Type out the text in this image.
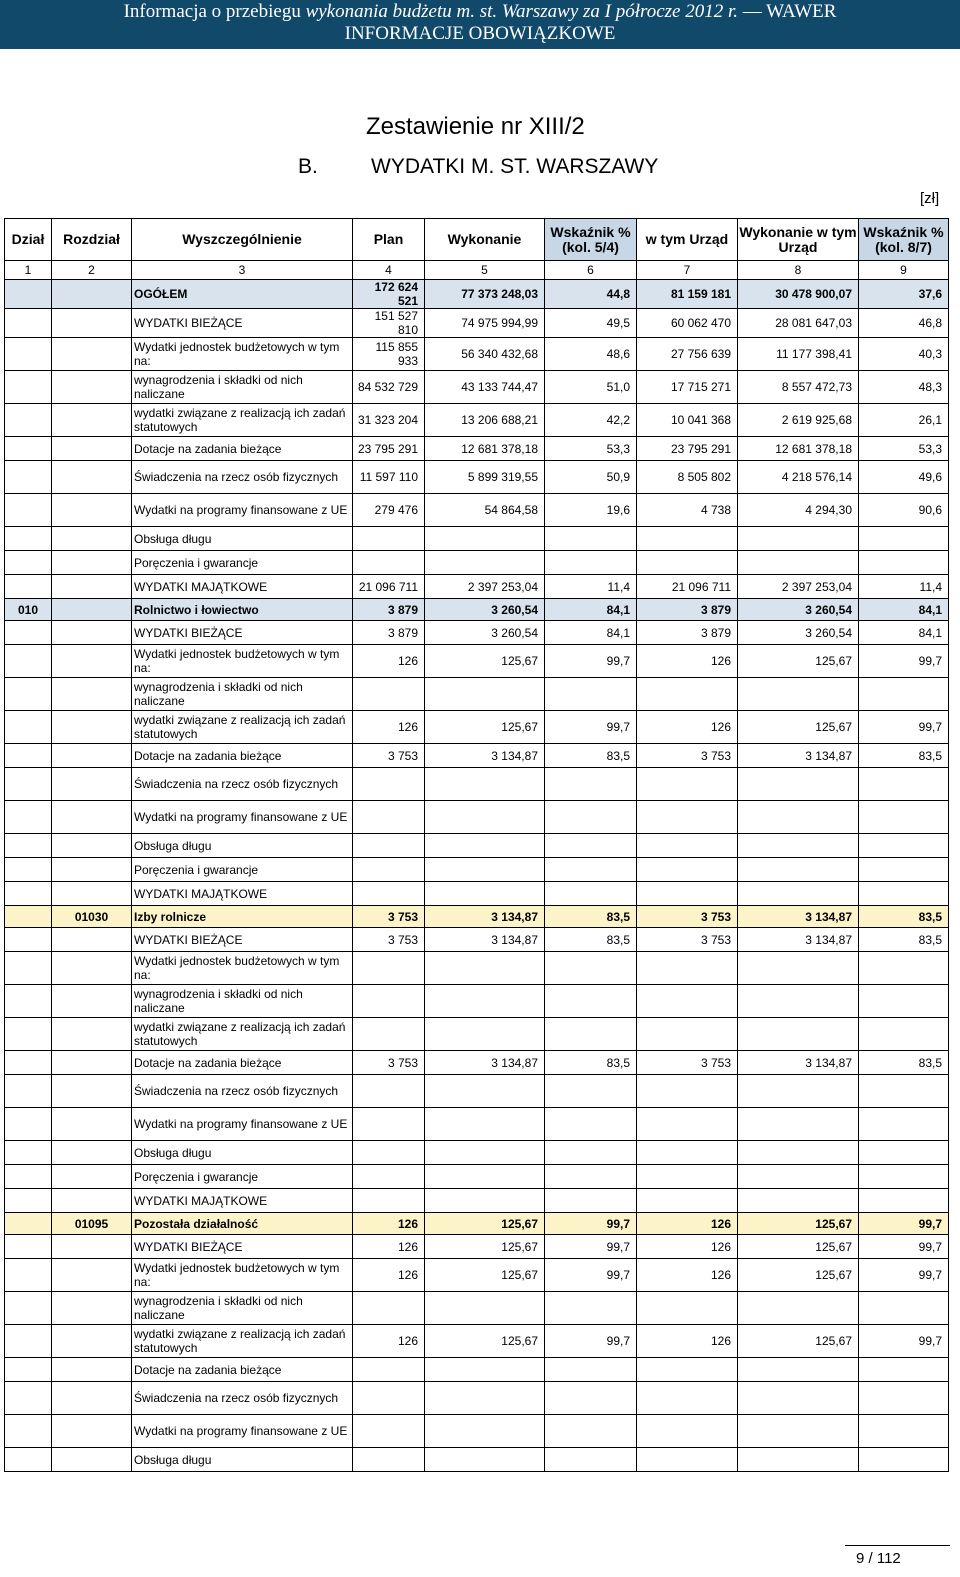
Informacja o przebiegu wykonania budżetu m. st. Warszawy za I półrocze 2012 r. — WAWER
INFORMACJE OBOWIĄZKOWE
Zestawienie nr XIII/2
B.	WYDATKI M. ST. WARSZAWY
[zł]
Dział	Rozdział	Wyszczególnienie	Plan	Wykonanie	Wskaźnik % (kol. 5/4)	w tym Urząd	Wykonanie w tym Urząd	Wskaźnik % (kol. 8/7)
1	2	3	4	5	6	7	8	9
		OGÓŁEM	172 624 521	77 373 248,03	44,8	81 159 181	30 478 900,07	37,6
		WYDATKI BIEŻĄCE	151 527 810	74 975 994,99	49,5	60 062 470	28 081 647,03	46,8
		Wydatki jednostek budżetowych w tym na:	115 855 933	56 340 432,68	48,6	27 756 639	11 177 398,41	40,3
		wynagrodzenia i składki od nich naliczane	84 532 729	43 133 744,47	51,0	17 715 271	8 557 472,73	48,3
		wydatki związane z realizacją ich zadań statutowych	31 323 204	13 206 688,21	42,2	10 041 368	2 619 925,68	26,1
		Dotacje na zadania bieżące	23 795 291	12 681 378,18	53,3	23 795 291	12 681 378,18	53,3
		Świadczenia na rzecz osób fizycznych	11 597 110	5 899 319,55	50,9	8 505 802	4 218 576,14	49,6
		Wydatki na programy finansowane z UE	279 476	54 864,58	19,6	4 738	4 294,30	90,6
		Obsługa długu						
		Poręczenia i gwarancje						
		WYDATKI MAJĄTKOWE	21 096 711	2 397 253,04	11,4	21 096 711	2 397 253,04	11,4
010		Rolnictwo i łowiectwo	3 879	3 260,54	84,1	3 879	3 260,54	84,1
		WYDATKI BIEŻĄCE	3 879	3 260,54	84,1	3 879	3 260,54	84,1
		Wydatki jednostek budżetowych w tym na:	126	125,67	99,7	126	125,67	99,7
		wynagrodzenia i składki od nich naliczane						
		wydatki związane z realizacją ich zadań statutowych	126	125,67	99,7	126	125,67	99,7
		Dotacje na zadania bieżące	3 753	3 134,87	83,5	3 753	3 134,87	83,5
		Świadczenia na rzecz osób fizycznych						
		Wydatki na programy finansowane z UE						
		Obsługa długu						
		Poręczenia i gwarancje						
		WYDATKI MAJĄTKOWE						
	01030	Izby rolnicze	3 753	3 134,87	83,5	3 753	3 134,87	83,5
		WYDATKI BIEŻĄCE	3 753	3 134,87	83,5	3 753	3 134,87	83,5
		Wydatki jednostek budżetowych w tym na:						
		wynagrodzenia i składki od nich naliczane						
		wydatki związane z realizacją ich zadań statutowych						
		Dotacje na zadania bieżące	3 753	3 134,87	83,5	3 753	3 134,87	83,5
		Świadczenia na rzecz osób fizycznych						
		Wydatki na programy finansowane z UE						
		Obsługa długu						
		Poręczenia i gwarancje						
		WYDATKI MAJĄTKOWE						
	01095	Pozostała działalność	126	125,67	99,7	126	125,67	99,7
		WYDATKI BIEŻĄCE	126	125,67	99,7	126	125,67	99,7
		Wydatki jednostek budżetowych w tym na:	126	125,67	99,7	126	125,67	99,7
		wynagrodzenia i składki od nich naliczane						
		wydatki związane z realizacją ich zadań statutowych	126	125,67	99,7	126	125,67	99,7
		Dotacje na zadania bieżące						
		Świadczenia na rzecz osób fizycznych						
		Wydatki na programy finansowane z UE						
		Obsługa długu						
9 / 112
